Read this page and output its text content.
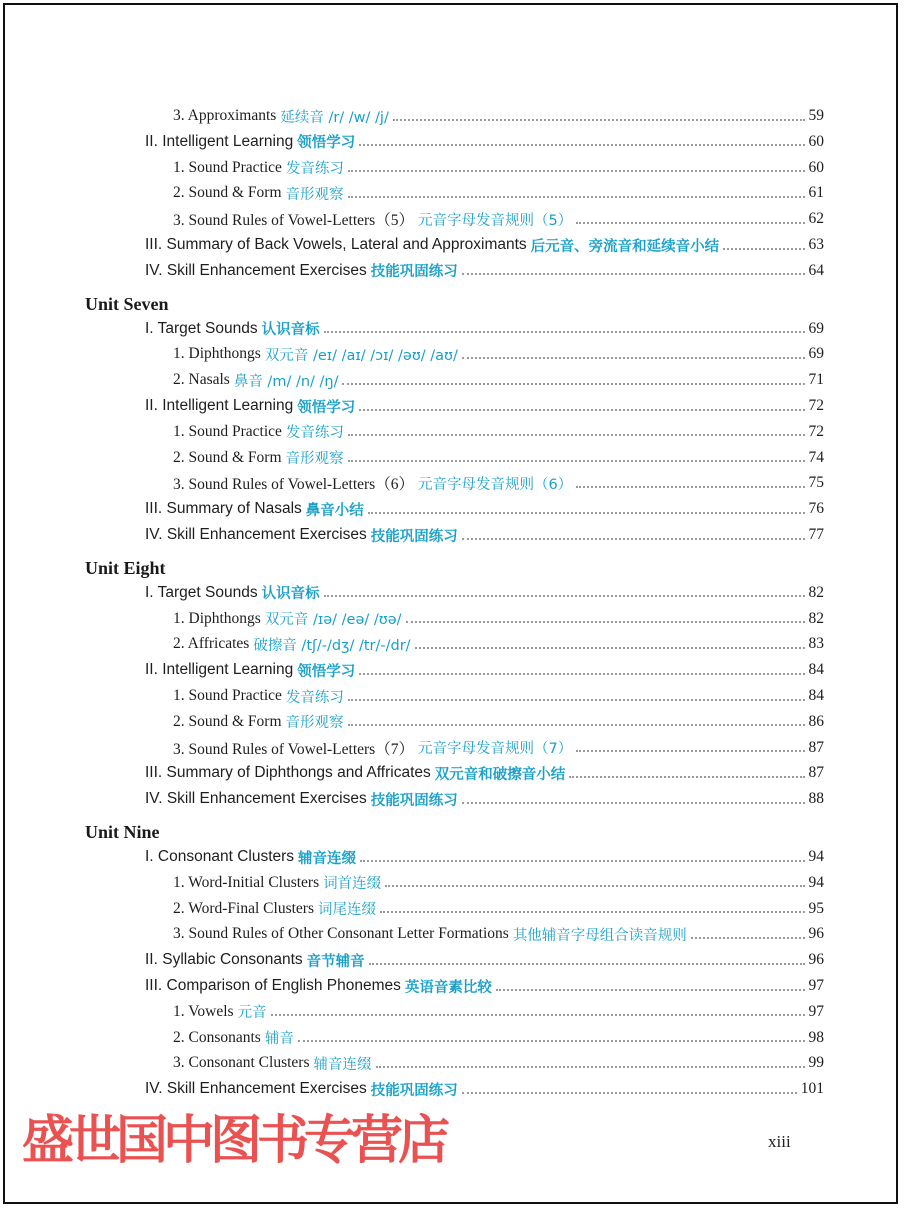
3. Approximants 延续音 /r/ /w/ /j/	59
II. Intelligent Learning 领悟学习	60
1. Sound Practice 发音练习	60
2. Sound & Form 音形观察	61
3. Sound Rules of Vowel-Letters（5） 元音字母发音规则（5）	62
III. Summary of Back Vowels, Lateral and Approximants 后元音、旁流音和延续音小结	63
IV. Skill Enhancement Exercises 技能巩固练习	64
Unit Seven
I. Target Sounds 认识音标	69
1. Diphthongs 双元音 /eɪ/ /aɪ/ /ɔɪ/ /əʊ/ /aʊ/	69
2. Nasals 鼻音 /m/ /n/ /ŋ/	71
II. Intelligent Learning 领悟学习	72
1. Sound Practice 发音练习	72
2. Sound & Form 音形观察	74
3. Sound Rules of Vowel-Letters（6） 元音字母发音规则（6）	75
III. Summary of Nasals 鼻音小结	76
IV. Skill Enhancement Exercises 技能巩固练习	77
Unit Eight
I. Target Sounds 认识音标	82
1. Diphthongs 双元音 /ɪə/ /eə/ /ʊə/	82
2. Affricates 破擦音 /tʃ/-/dʒ/ /tr/-/dr/	83
II. Intelligent Learning 领悟学习	84
1. Sound Practice 发音练习	84
2. Sound & Form 音形观察	86
3. Sound Rules of Vowel-Letters（7） 元音字母发音规则（7）	87
III. Summary of Diphthongs and Affricates 双元音和破擦音小结	87
IV. Skill Enhancement Exercises 技能巩固练习	88
Unit Nine
I. Consonant Clusters 辅音连缀	94
1. Word-Initial Clusters 词首连缀	94
2. Word-Final Clusters 词尾连缀	95
3. Sound Rules of Other Consonant Letter Formations 其他辅音字母组合读音规则	96
II. Syllabic Consonants 音节辅音	96
III. Comparison of English Phonemes 英语音素比较	97
1. Vowels 元音	97
2. Consonants 辅音	98
3. Consonant Clusters 辅音连缀	99
IV. Skill Enhancement Exercises 技能巩固练习	101
xiii
盛世国中图书专营店
